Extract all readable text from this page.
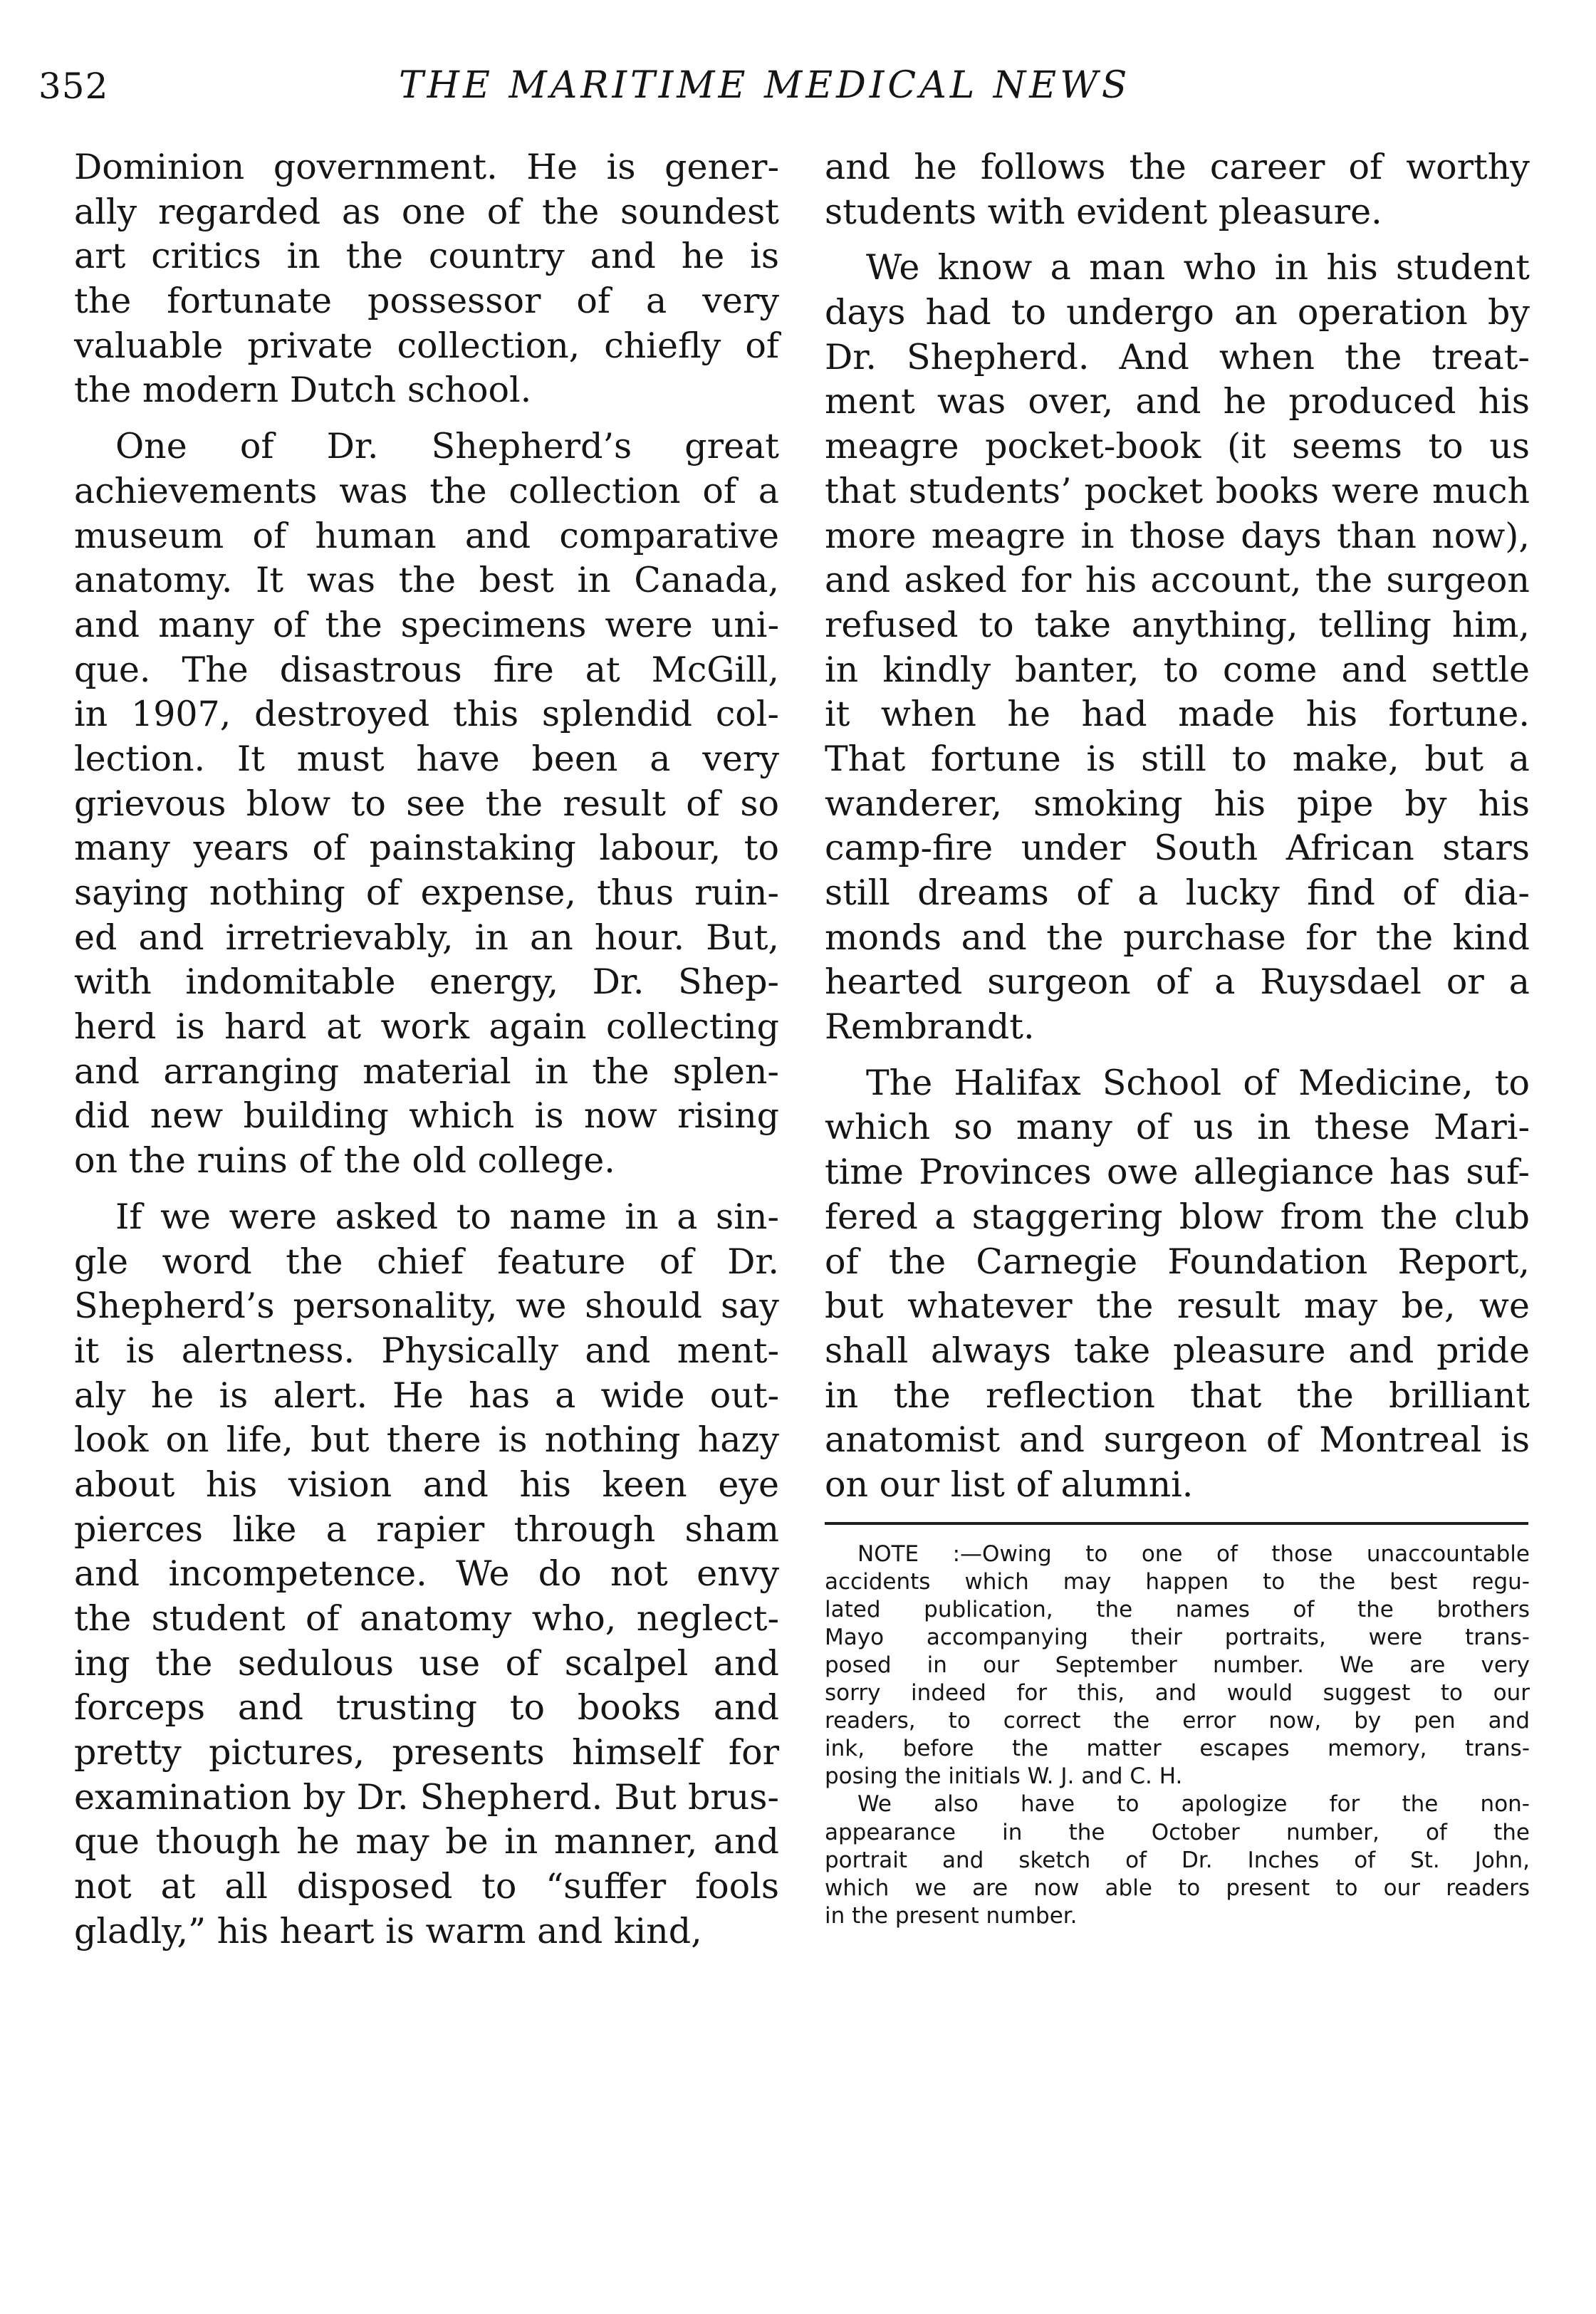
352	THE MARITIME MEDICAL NEWS
Dominion government. He is gener-
ally regarded as one of the soundest
art critics in the country and he is
the fortunate possessor of a very
valuable private collection, chiefly of
the modern Dutch school.
One of Dr. Shepherd’s great
achievements was the collection of a
museum of human and comparative
anatomy. It was the best in Canada,
and many of the specimens were uni-
que. The disastrous fire at McGill,
in 1907, destroyed this splendid col-
lection. It must have been a very
grievous blow to see the result of so
many years of painstaking labour, to
saying nothing of expense, thus ruin-
ed and irretrievably, in an hour. But,
with indomitable energy, Dr. Shep-
herd is hard at work again collecting
and arranging material in the splen-
did new building which is now rising
on the ruins of the old college.
If we were asked to name in a sin-
gle word the chief feature of Dr.
Shepherd’s personality, we should say
it is alertness. Physically and ment-
aly he is alert. He has a wide out-
look on life, but there is nothing hazy
about his vision and his keen eye
pierces like a rapier through sham
and incompetence. We do not envy
the student of anatomy who, neglect-
ing the sedulous use of scalpel and
forceps and trusting to books and
pretty pictures, presents himself for
examination by Dr. Shepherd. But brus-
que though he may be in manner, and
not at all disposed to “suffer fools
gladly,” his heart is warm and kind,
and he follows the career of worthy
students with evident pleasure.
We know a man who in his student
days had to undergo an operation by
Dr. Shepherd. And when the treat-
ment was over, and he produced his
meagre pocket-book (it seems to us
that students’ pocket books were much
more meagre in those days than now),
and asked for his account, the surgeon
refused to take anything, telling him,
in kindly banter, to come and settle
it when he had made his fortune.
That fortune is still to make, but a
wanderer, smoking his pipe by his
camp-fire under South African stars
still dreams of a lucky find of dia-
monds and the purchase for the kind
hearted surgeon of a Ruysdael or a
Rembrandt.
The Halifax School of Medicine, to
which so many of us in these Mari-
time Provinces owe allegiance has suf-
fered a staggering blow from the club
of the Carnegie Foundation Report,
but whatever the result may be, we
shall always take pleasure and pride
in the reflection that the brilliant
anatomist and surgeon of Montreal is
on our list of alumni.
NOTE :—Owing to one of those unaccountable
accidents which may happen to the best regu-
lated publication, the names of the brothers
Mayo accompanying their portraits, were trans-
posed in our September number. We are very
sorry indeed for this, and would suggest to our
readers, to correct the error now, by pen and
ink, before the matter escapes memory, trans-
posing the initials W. J. and C. H.
We also have to apologize for the non-
appearance in the October number, of the
portrait and sketch of Dr. Inches of St. John,
which we are now able to present to our readers
in the present number.
